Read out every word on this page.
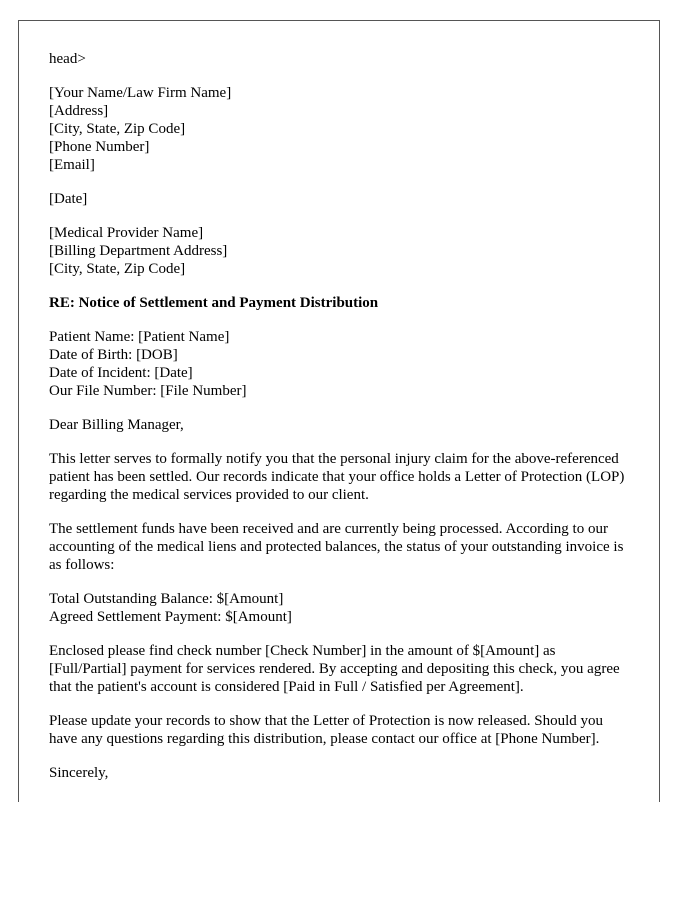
head>
[Your Name/Law Firm Name]
[Address]
[City, State, Zip Code]
[Phone Number]
[Email]
[Date]
[Medical Provider Name]
[Billing Department Address]
[City, State, Zip Code]
RE: Notice of Settlement and Payment Distribution
Patient Name: [Patient Name]
Date of Birth: [DOB]
Date of Incident: [Date]
Our File Number: [File Number]
Dear Billing Manager,

This letter serves to formally notify you that the personal injury claim for the above-referenced patient has been settled. Our records indicate that your office holds a Letter of Protection (LOP) regarding the medical services provided to our client.

The settlement funds have been received and are currently being processed. According to our accounting of the medical liens and protected balances, the status of your outstanding invoice is as follows:

Total Outstanding Balance: $[Amount]
Agreed Settlement Payment: $[Amount]

Enclosed please find check number [Check Number] in the amount of $[Amount] as [Full/Partial] payment for services rendered. By accepting and depositing this check, you agree that the patient's account is considered [Paid in Full / Satisfied per Agreement].

Please update your records to show that the Letter of Protection is now released. Should you have any questions regarding this distribution, please contact our office at [Phone Number].

Sincerely,
